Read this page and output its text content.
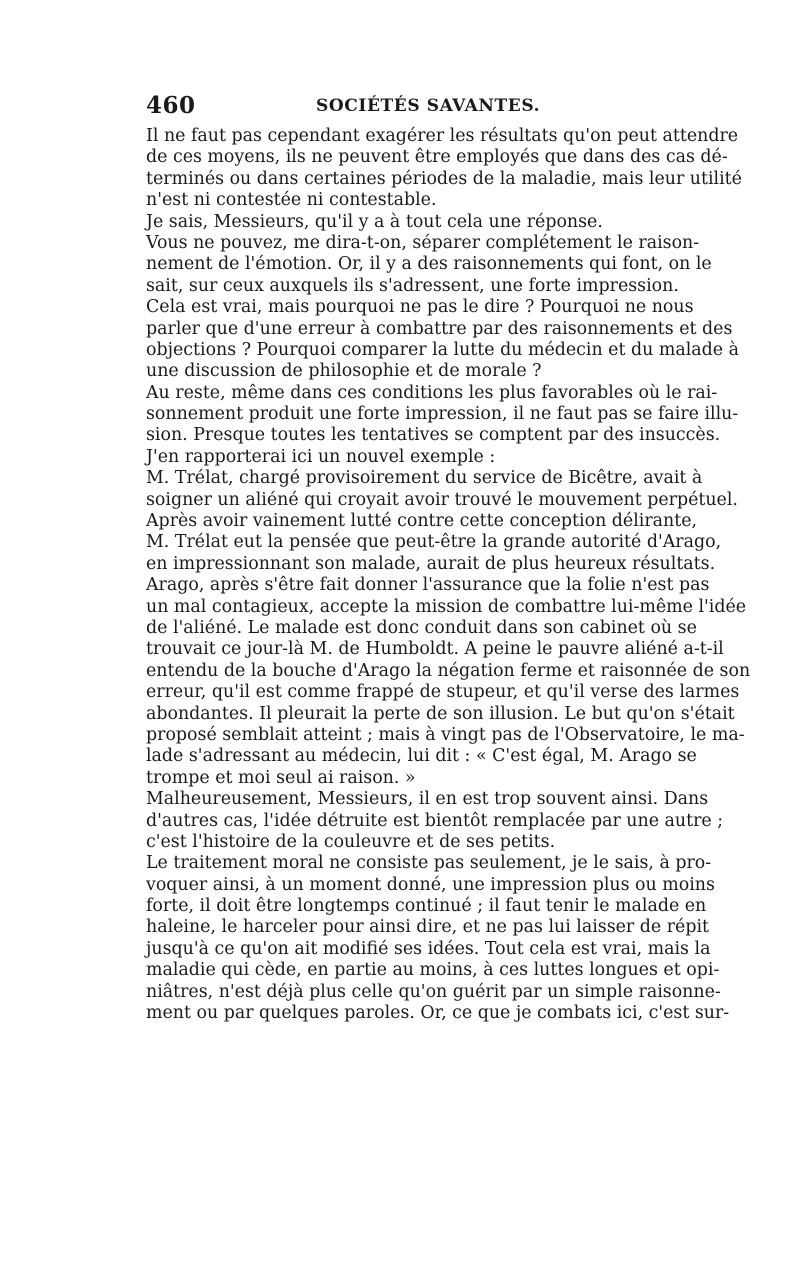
460	SOCIÉTÉS SAVANTES.
Il ne faut pas cependant exagérer les résultats qu'on peut attendre
de ces moyens, ils ne peuvent être employés que dans des cas dé-
terminés ou dans certaines périodes de la maladie, mais leur utilité
n'est ni contestée ni contestable.
Je sais, Messieurs, qu'il y a à tout cela une réponse.
Vous ne pouvez, me dira-t-on, séparer complétement le raison-
nement de l'émotion. Or, il y a des raisonnements qui font, on le
sait, sur ceux auxquels ils s'adressent, une forte impression.
Cela est vrai, mais pourquoi ne pas le dire ? Pourquoi ne nous
parler que d'une erreur à combattre par des raisonnements et des
objections ? Pourquoi comparer la lutte du médecin et du malade à
une discussion de philosophie et de morale ?
Au reste, même dans ces conditions les plus favorables où le rai-
sonnement produit une forte impression, il ne faut pas se faire illu-
sion. Presque toutes les tentatives se comptent par des insuccès.
J'en rapporterai ici un nouvel exemple :
M. Trélat, chargé provisoirement du service de Bicêtre, avait à
soigner un aliéné qui croyait avoir trouvé le mouvement perpétuel.
Après avoir vainement lutté contre cette conception délirante,
M. Trélat eut la pensée que peut-être la grande autorité d'Arago,
en impressionnant son malade, aurait de plus heureux résultats.
Arago, après s'être fait donner l'assurance que la folie n'est pas
un mal contagieux, accepte la mission de combattre lui-même l'idée
de l'aliéné. Le malade est donc conduit dans son cabinet où se
trouvait ce jour-là M. de Humboldt. A peine le pauvre aliéné a-t-il
entendu de la bouche d'Arago la négation ferme et raisonnée de son
erreur, qu'il est comme frappé de stupeur, et qu'il verse des larmes
abondantes. Il pleurait la perte de son illusion. Le but qu'on s'était
proposé semblait atteint ; mais à vingt pas de l'Observatoire, le ma-
lade s'adressant au médecin, lui dit : « C'est égal, M. Arago se
trompe et moi seul ai raison. »
Malheureusement, Messieurs, il en est trop souvent ainsi. Dans
d'autres cas, l'idée détruite est bientôt remplacée par une autre ;
c'est l'histoire de la couleuvre et de ses petits.
Le traitement moral ne consiste pas seulement, je le sais, à pro-
voquer ainsi, à un moment donné, une impression plus ou moins
forte, il doit être longtemps continué ; il faut tenir le malade en
haleine, le harceler pour ainsi dire, et ne pas lui laisser de répit
jusqu'à ce qu'on ait modifié ses idées. Tout cela est vrai, mais la
maladie qui cède, en partie au moins, à ces luttes longues et opi-
niâtres, n'est déjà plus celle qu'on guérit par un simple raisonne-
ment ou par quelques paroles. Or, ce que je combats ici, c'est sur-
